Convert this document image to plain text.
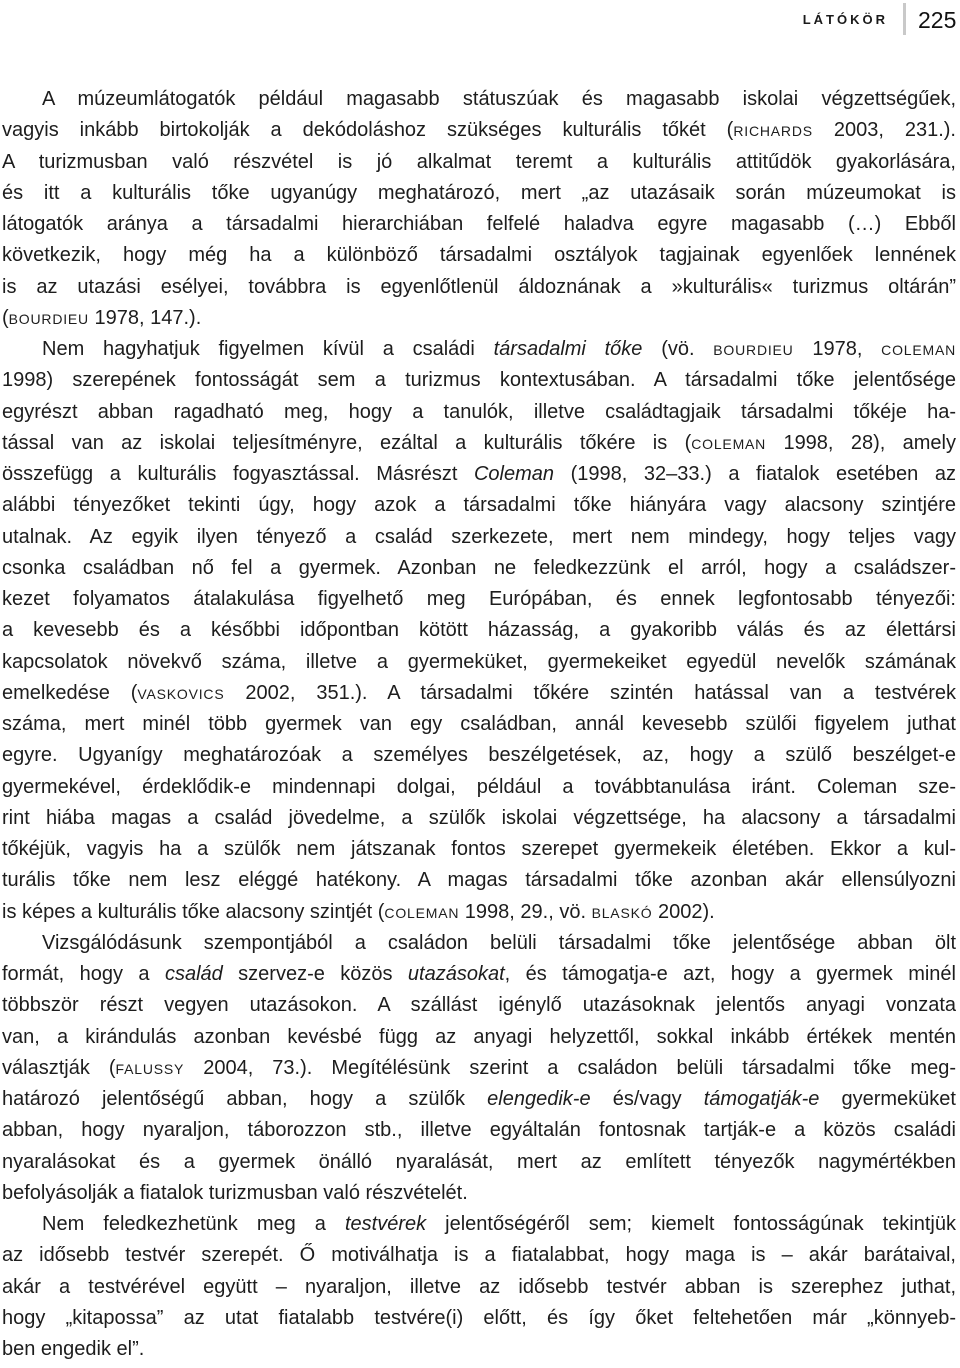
látókör 225
A múzeumlátogatók például magasabb státuszúak és magasabb iskolai végzettségűek,
vagyis inkább birtokolják a dekódoláshoz szükséges kulturális tőkét (richards 2003, 231.).
A turizmusban való részvétel is jó alkalmat teremt a kulturális attitűdök gyakorlására,
és itt a kulturális tőke ugyanúgy meghatározó, mert „az utazásaik során múzeumokat is
látogatók aránya a társadalmi hierarchiában felfelé haladva egyre magasabb (…) Ebből
következik, hogy még ha a különböző társadalmi osztályok tagjainak egyenlőek lennének
is az utazási esélyei, továbbra is egyenlőtlenül áldoznának a »kulturális« turizmus oltárán”
(bourdieu 1978, 147.).
Nem hagyhatjuk figyelmen kívül a családi társadalmi tőke (vö. bourdieu 1978, coleman
1998) szerepének fontosságát sem a turizmus kontextusában. A társadalmi tőke jelentősége
egyrészt abban ragadható meg, hogy a tanulók, illetve családtagjaik társadalmi tőkéje ha-
tással van az iskolai teljesítményre, ezáltal a kulturális tőkére is (coleman 1998, 28), amely
összefügg a kulturális fogyasztással. Másrészt Coleman (1998, 32–33.) a fiatalok esetében az
alábbi tényezőket tekinti úgy, hogy azok a társadalmi tőke hiányára vagy alacsony szintjére
utalnak. Az egyik ilyen tényező a család szerkezete, mert nem mindegy, hogy teljes vagy
csonka családban nő fel a gyermek. Azonban ne feledkezzünk el arról, hogy a családszer-
kezet folyamatos átalakulása figyelhető meg Európában, és ennek legfontosabb tényezői:
a kevesebb és a későbbi időpontban kötött házasság, a gyakoribb válás és az élettársi
kapcsolatok növekvő száma, illetve a gyermeküket, gyermekeiket egyedül nevelők számának
emelkedése (vaskovics 2002, 351.). A társadalmi tőkére szintén hatással van a testvérek
száma, mert minél több gyermek van egy családban, annál kevesebb szülői figyelem juthat
egyre. Ugyanígy meghatározóak a személyes beszélgetések, az, hogy a szülő beszélget-e
gyermekével, érdeklődik-e mindennapi dolgai, például a továbbtanulása iránt. Coleman sze-
rint hiába magas a család jövedelme, a szülők iskolai végzettsége, ha alacsony a társadalmi
tőkéjük, vagyis ha a szülők nem játszanak fontos szerepet gyermekeik életében. Ekkor a kul-
turális tőke nem lesz eléggé hatékony. A magas társadalmi tőke azonban akár ellensúlyozni
is képes a kulturális tőke alacsony szintjét (coleman 1998, 29., vö. blaskó 2002).
Vizsgálódásunk szempontjából a családon belüli társadalmi tőke jelentősége abban ölt
formát, hogy a család szervez-e közös utazásokat, és támogatja-e azt, hogy a gyermek minél
többször részt vegyen utazásokon. A szállást igénylő utazásoknak jelentős anyagi vonzata
van, a kirándulás azonban kevésbé függ az anyagi helyzettől, sokkal inkább értékek mentén
választják (falussy 2004, 73.). Megítélésünk szerint a családon belüli társadalmi tőke meg-
határozó jelentőségű abban, hogy a szülők elengedik-e és/vagy támogatják-e gyermeküket
abban, hogy nyaraljon, táborozzon stb., illetve egyáltalán fontosnak tartják-e a közös családi
nyaralásokat és a gyermek önálló nyaralását, mert az említett tényezők nagymértékben
befolyásolják a fiatalok turizmusban való részvételét.
Nem feledkezhetünk meg a testvérek jelentőségéről sem; kiemelt fontosságúnak tekintjük
az idősebb testvér szerepét. Ő motiválhatja is a fiatalabbat, hogy maga is – akár barátaival,
akár a testvérével együtt – nyaraljon, illetve az idősebb testvér abban is szerephez juthat,
hogy „kitapossa” az utat fiatalabb testvére(i) előtt, és így őket feltehetően már „könnyeb-
ben engedik el”.
